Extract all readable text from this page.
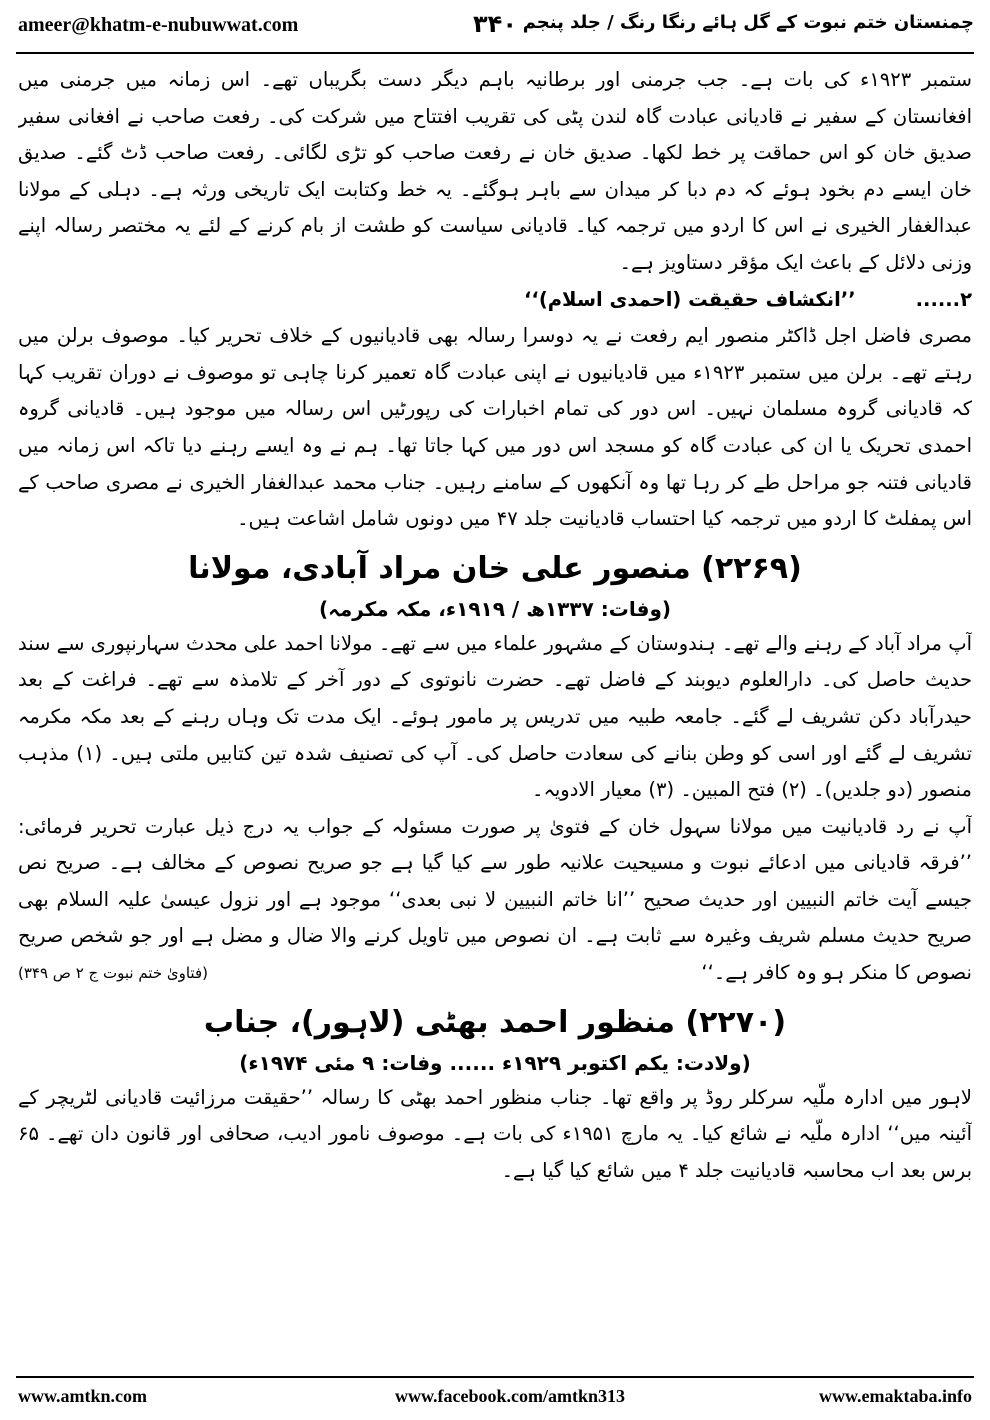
ameer@khatm-e-nubuwwat.com	۳۴۰ چمنستان ختم نبوت کے گل ہائے رنگا رنگ / جلد پنجم

ستمبر ۱۹۲۳ء کی بات ہے۔ جب جرمنی اور برطانیہ باہم دیگر دست بگریباں تھے۔ اس زمانہ میں جرمنی میں افغانستان کے سفیر نے قادیانی عبادت گاہ لندن پٹی کی تقریب افتتاح میں شرکت کی۔ رفعت صاحب نے افغانی سفیر صدیق خان کو اس حماقت پر خط لکھا۔ صدیق خان نے رفعت صاحب کو تڑی لگائی۔ رفعت صاحب ڈٹ گئے۔ صدیق خان ایسے دم بخود ہوئے کہ دم دبا کر میدان سے باہر ہوگئے۔ یہ خط وکتابت ایک تاریخی ورثہ ہے۔ دہلی کے مولانا عبدالغفار الخیری نے اس کا اردو میں ترجمہ کیا۔ قادیانی سیاست کو طشت از بام کرنے کے لئے یہ مختصر رسالہ اپنے وزنی دلائل کے باعث ایک مؤقر دستاویز ہے۔

۲......’’انکشاف حقیقت (احمدی اسلام)‘‘

مصری فاضل اجل ڈاکٹر منصور ایم رفعت نے یہ دوسرا رسالہ بھی قادیانیوں کے خلاف تحریر کیا۔ موصوف برلن میں رہتے تھے۔ برلن میں ستمبر ۱۹۲۳ء میں قادیانیوں نے اپنی عبادت گاہ تعمیر کرنا چاہی تو موصوف نے دوران تقریب کہا کہ قادیانی گروہ مسلمان نہیں۔ اس دور کی تمام اخبارات کی رپورٹیں اس رسالہ میں موجود ہیں۔ قادیانی گروہ احمدی تحریک یا ان کی عبادت گاہ کو مسجد اس دور میں کہا جاتا تھا۔ ہم نے وہ ایسے رہنے دیا تاکہ اس زمانہ میں قادیانی فتنہ جو مراحل طے کر رہا تھا وہ آنکھوں کے سامنے رہیں۔ جناب محمد عبدالغفار الخیری نے مصری صاحب کے اس پمفلٹ کا اردو میں ترجمہ کیا احتساب قادیانیت جلد ۴۷ میں دونوں شامل اشاعت ہیں۔

(۲۲۶۹) منصور علی خان مراد آبادی، مولانا
(وفات: ۱۳۳۷ھ / ۱۹۱۹ء، مکہ مکرمہ)

آپ مراد آباد کے رہنے والے تھے۔ ہندوستان کے مشہور علماء میں سے تھے۔ مولانا احمد علی محدث سہارنپوری سے سند حدیث حاصل کی۔ دارالعلوم دیوبند کے فاضل تھے۔ حضرت نانوتوی کے دور آخر کے تلامذہ سے تھے۔ فراغت کے بعد حیدرآباد دکن تشریف لے گئے۔ جامعہ طبیہ میں تدریس پر مامور ہوئے۔ ایک مدت تک وہاں رہنے کے بعد مکہ مکرمہ تشریف لے گئے اور اسی کو وطن بنانے کی سعادت حاصل کی۔ آپ کی تصنیف شدہ تین کتابیں ملتی ہیں۔ (۱) مذہب منصور (دو جلدیں)۔ (۲) فتح المبین۔ (۳) معیار الادویہ۔

آپ نے رد قادیانیت میں مولانا سہول خان کے فتویٰ پر صورت مسئولہ کے جواب یہ درج ذیل عبارت تحریر فرمائی: ’’فرقہ قادیانی میں ادعائے نبوت و مسیحیت علانیہ طور سے کیا گیا ہے جو صریح نصوص کے مخالف ہے۔ صریح نص جیسے آیت خاتم النبیین اور حدیث صحیح ’’انا خاتم النبیین لا نبی بعدی‘‘ موجود ہے اور نزول عیسیٰ علیہ السلام بھی صریح حدیث مسلم شریف وغیرہ سے ثابت ہے۔ ان نصوص میں تاویل کرنے والا ضال و مضل ہے اور جو شخص صریح نصوص کا منکر ہو وہ کافر ہے۔‘‘
(فتاویٰ ختم نبوت ج ۲ ص ۳۴۹)

(۲۲۷۰) منظور احمد بھٹی (لاہور)، جناب
(ولادت: یکم اکتوبر ۱۹۲۹ء ...... وفات: ۹ مئی ۱۹۷۴ء)

لاہور میں ادارہ ملّیہ سرکلر روڈ پر واقع تھا۔ جناب منظور احمد بھٹی کا رسالہ ’’حقیقت مرزائیت قادیانی لٹریچر کے آئینہ میں‘‘ ادارہ ملّیہ نے شائع کیا۔ یہ مارچ ۱۹۵۱ء کی بات ہے۔ موصوف نامور ادیب، صحافی اور قانون دان تھے۔ ۶۵ برس بعد اب محاسبہ قادیانیت جلد ۴ میں شائع کیا گیا ہے۔

www.amtkn.com	www.facebook.com/amtkn313	www.emaktaba.info
